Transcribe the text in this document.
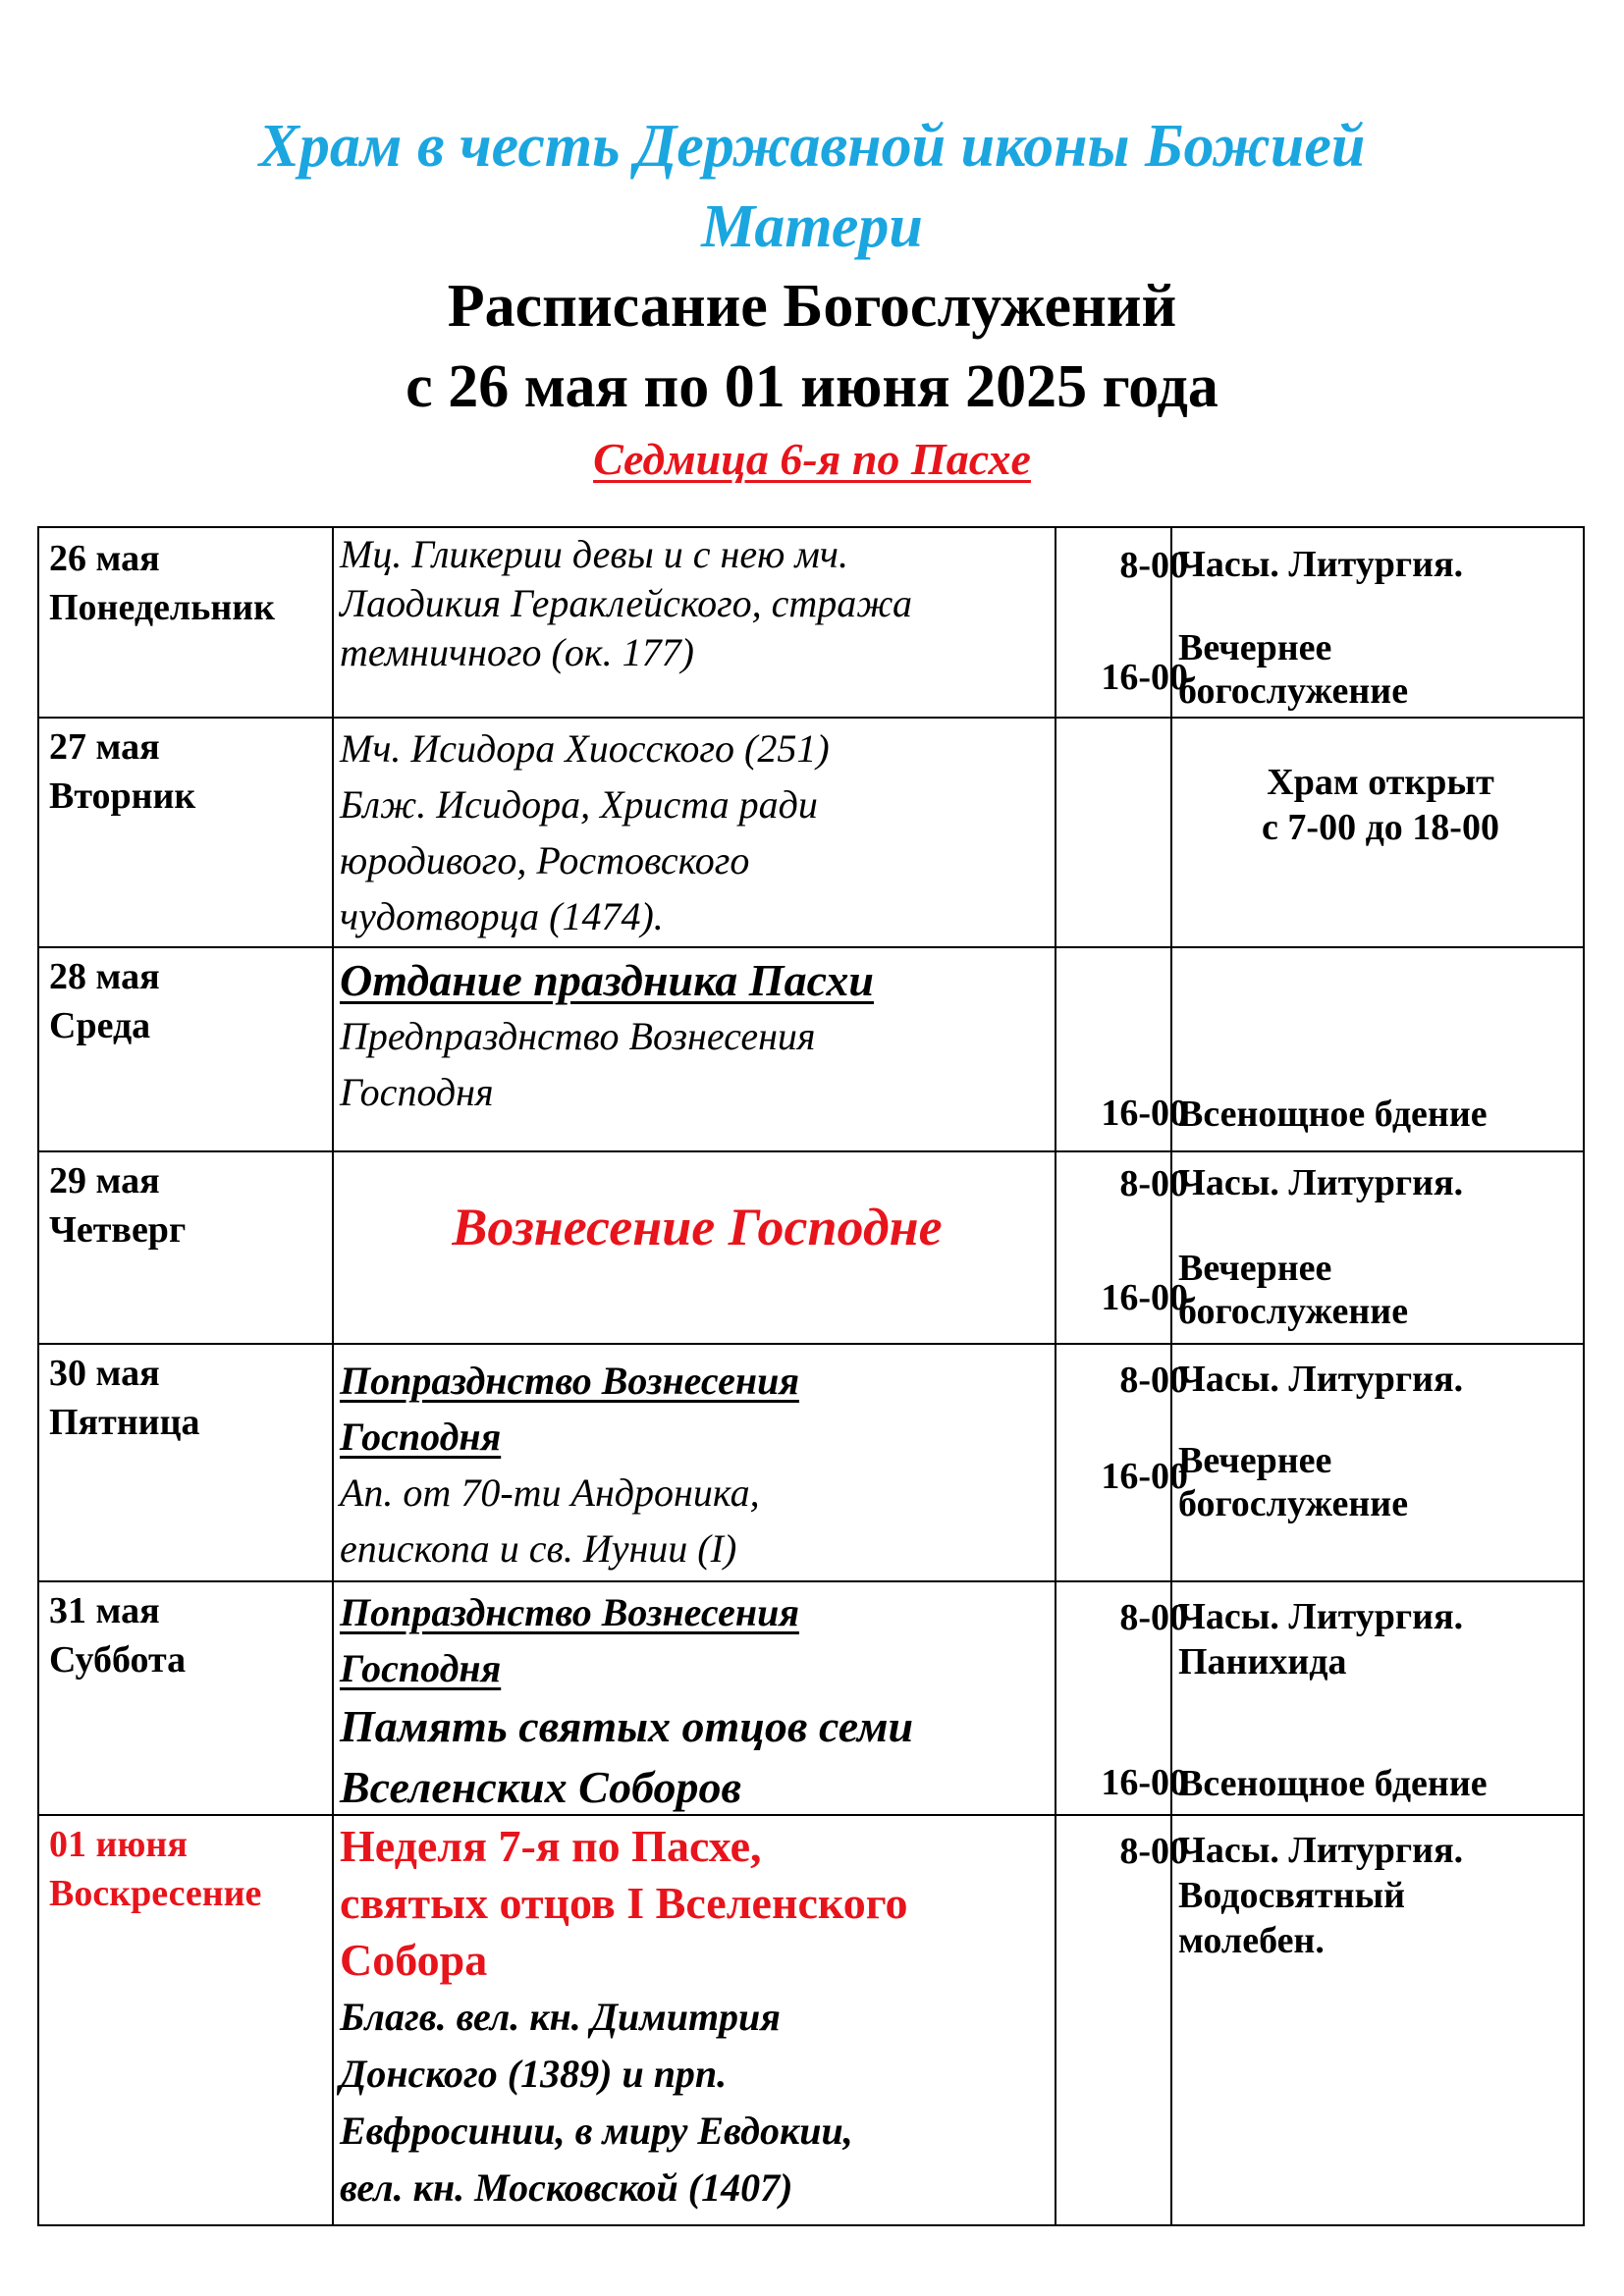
Храм в честь Державной иконы Божией
Матери
Расписание Богослужений
с 26 мая по 01 июня 2025 года
Седмица 6-я по Пасхе
26 мая
Понедельник
Мц. Гликерии девы и с нею мч.
Лаодикия Гераклейского, стража
темничного (ок. 177)
8-00
16-00
Часы. Литургия.
Вечернее
богослужение
27 мая
Вторник
Мч. Исидора Хиосского (251)
Блж. Исидора, Христа ради
юродивого, Ростовского
чудотворца (1474).
Храм открыт
с 7-00 до 18-00
28 мая
Среда
Отдание праздника Пасхи
Предпразднство Вознесения
Господня	16-00
Всенощное бдение
29 мая
Четверг	Вознесение Господне
8-00
16-00
Часы. Литургия.
Вечернее
богослужение
30 мая
Пятница
Попразднство Вознесения
Господня
Ап. от 70-ти Андроника,
епископа и св. Иунии (I)
8-00
16-00
Часы. Литургия.
Вечернее
богослужение
31 мая
Суббота
Попразднство Вознесения
Господня
Память святых отцов семи
Вселенских Соборов
8-00
16-00
Часы. Литургия.
Панихида
Всенощное бдение
01 июня
Воскресение
Неделя 7-я по Пасхе,
святых отцов I Вселенского
Собора
Благв. вел. кн. Димитрия
Донского (1389) и прп.
Евфросинии, в миру Евдокии,
вел. кн. Московской (1407)
8-00
Часы. Литургия.
Водосвятный
молебен.
